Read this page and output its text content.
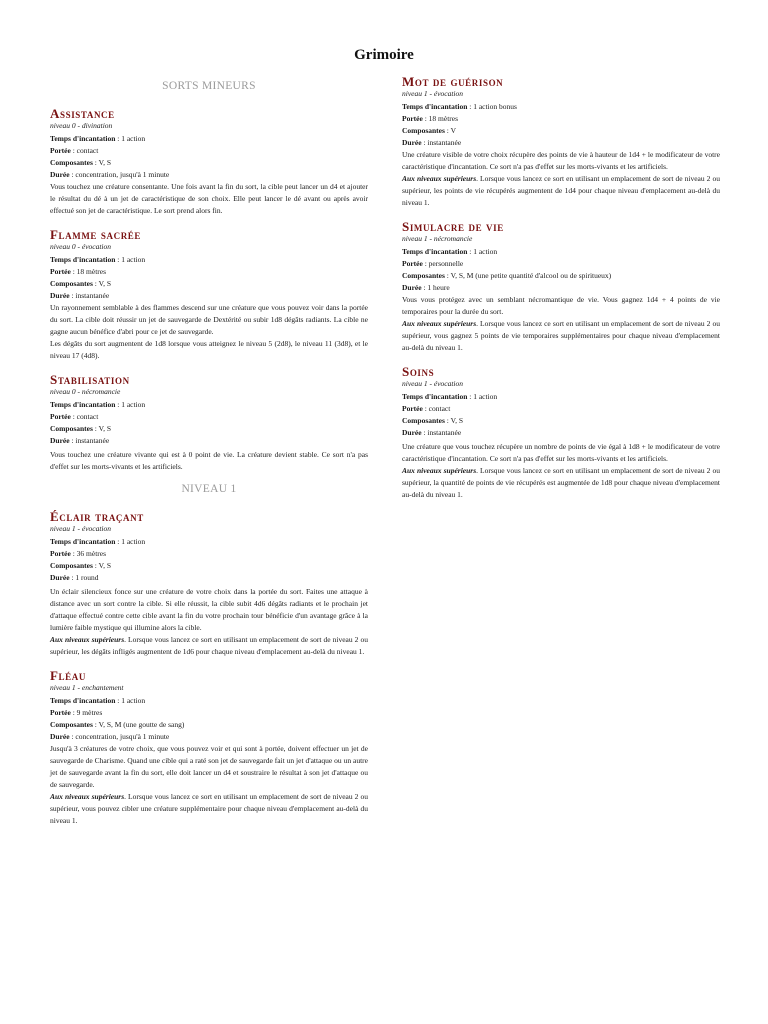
Grimoire
SORTS MINEURS
Assistance
niveau 0 - divination
Temps d'incantation : 1 action
Portée : contact
Composantes : V, S
Durée : concentration, jusqu'à 1 minute
Vous touchez une créature consentante. Une fois avant la fin du sort, la cible peut lancer un d4 et ajouter le résultat du dé à un jet de caractéristique de son choix. Elle peut lancer le dé avant ou après avoir effectué son jet de caractéristique. Le sort prend alors fin.
Flamme sacrée
niveau 0 - évocation
Temps d'incantation : 1 action
Portée : 18 mètres
Composantes : V, S
Durée : instantanée
Un rayonnement semblable à des flammes descend sur une créature que vous pouvez voir dans la portée du sort. La cible doit réussir un jet de sauvegarde de Dextérité ou subir 1d8 dégâts radiants. La cible ne gagne aucun bénéfice d'abri pour ce jet de sauvegarde.
Les dégâts du sort augmentent de 1d8 lorsque vous atteignez le niveau 5 (2d8), le niveau 11 (3d8), et le niveau 17 (4d8).
Stabilisation
niveau 0 - nécromancie
Temps d'incantation : 1 action
Portée : contact
Composantes : V, S
Durée : instantanée
Vous touchez une créature vivante qui est à 0 point de vie. La créature devient stable. Ce sort n'a pas d'effet sur les morts-vivants et les artificiels.
NIVEAU 1
Éclair traçant
niveau 1 - évocation
Temps d'incantation : 1 action
Portée : 36 mètres
Composantes : V, S
Durée : 1 round
Un éclair silencieux fonce sur une créature de votre choix dans la portée du sort. Faites une attaque à distance avec un sort contre la cible. Si elle réussit, la cible subit 4d6 dégâts radiants et le prochain jet d'attaque effectué contre cette cible avant la fin du votre prochain tour bénéficie d'un avantage grâce à la lumière faible mystique qui illumine alors la cible.
Aux niveaux supérieurs. Lorsque vous lancez ce sort en utilisant un emplacement de sort de niveau 2 ou supérieur, les dégâts infligés augmentent de 1d6 pour chaque niveau d'emplacement au-delà du niveau 1.
Fléau
niveau 1 - enchantement
Temps d'incantation : 1 action
Portée : 9 mètres
Composantes : V, S, M (une goutte de sang)
Durée : concentration, jusqu'à 1 minute
Jusqu'à 3 créatures de votre choix, que vous pouvez voir et qui sont à portée, doivent effectuer un jet de sauvegarde de Charisme. Quand une cible qui a raté son jet de sauvegarde fait un jet d'attaque ou un autre jet de sauvegarde avant la fin du sort, elle doit lancer un d4 et soustraire le résultat à son jet d'attaque ou de sauvegarde.
Aux niveaux supérieurs. Lorsque vous lancez ce sort en utilisant un emplacement de sort de niveau 2 ou supérieur, vous pouvez cibler une créature supplémentaire pour chaque niveau d'emplacement au-delà du niveau 1.
Mot de guérison
niveau 1 - évocation
Temps d'incantation : 1 action bonus
Portée : 18 mètres
Composantes : V
Durée : instantanée
Une créature visible de votre choix récupère des points de vie à hauteur de 1d4 + le modificateur de votre caractéristique d'incantation. Ce sort n'a pas d'effet sur les morts-vivants et les artificiels.
Aux niveaux supérieurs. Lorsque vous lancez ce sort en utilisant un emplacement de sort de niveau 2 ou supérieur, les points de vie récupérés augmentent de 1d4 pour chaque niveau d'emplacement au-delà du niveau 1.
Simulacre de vie
niveau 1 - nécromancie
Temps d'incantation : 1 action
Portée : personnelle
Composantes : V, S, M (une petite quantité d'alcool ou de spiritueux)
Durée : 1 heure
Vous vous protégez avec un semblant nécromantique de vie. Vous gagnez 1d4 + 4 points de vie temporaires pour la durée du sort.
Aux niveaux supérieurs. Lorsque vous lancez ce sort en utilisant un emplacement de sort de niveau 2 ou supérieur, vous gagnez 5 points de vie temporaires supplémentaires pour chaque niveau d'emplacement au-delà du niveau 1.
Soins
niveau 1 - évocation
Temps d'incantation : 1 action
Portée : contact
Composantes : V, S
Durée : instantanée
Une créature que vous touchez récupère un nombre de points de vie égal à 1d8 + le modificateur de votre caractéristique d'incantation. Ce sort n'a pas d'effet sur les morts-vivants et les artificiels.
Aux niveaux supérieurs. Lorsque vous lancez ce sort en utilisant un emplacement de sort de niveau 2 ou supérieur, la quantité de points de vie récupérés est augmentée de 1d8 pour chaque niveau d'emplacement au-delà du niveau 1.
